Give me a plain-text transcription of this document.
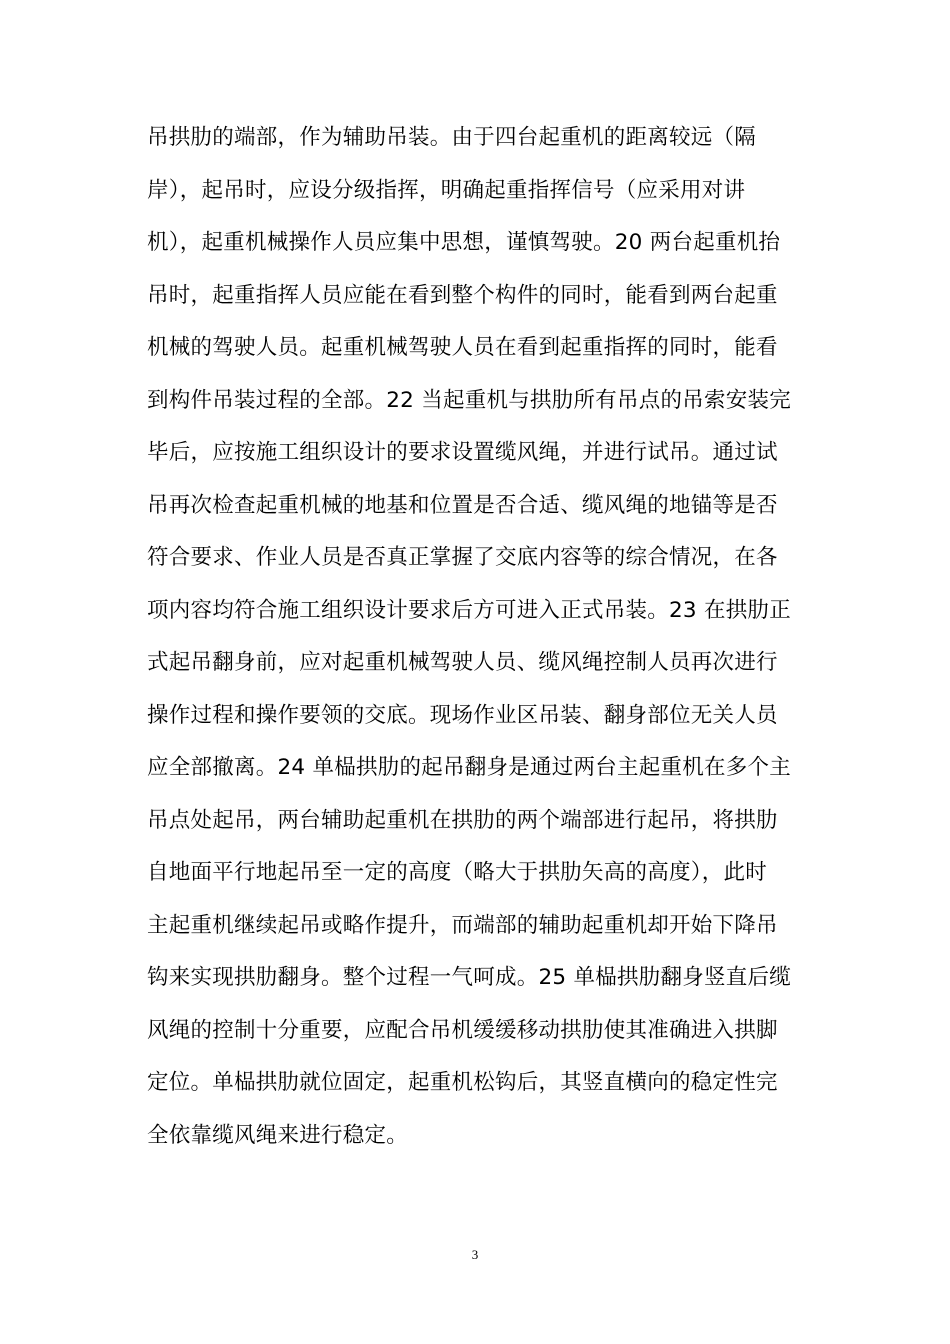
吊拱肋的端部，作为辅助吊装。由于四台起重机的距离较远（隔
岸），起吊时，应设分级指挥，明确起重指挥信号（应采用对讲
机），起重机械操作人员应集中思想，谨慎驾驶。20 两台起重机抬
吊时，起重指挥人员应能在看到整个构件的同时，能看到两台起重
机械的驾驶人员。起重机械驾驶人员在看到起重指挥的同时，能看
到构件吊装过程的全部。22 当起重机与拱肋所有吊点的吊索安装完
毕后，应按施工组织设计的要求设置缆风绳，并进行试吊。通过试
吊再次检查起重机械的地基和位置是否合适、缆风绳的地锚等是否
符合要求、作业人员是否真正掌握了交底内容等的综合情况，在各
项内容均符合施工组织设计要求后方可进入正式吊装。23 在拱肋正
式起吊翻身前，应对起重机械驾驶人员、缆风绳控制人员再次进行
操作过程和操作要领的交底。现场作业区吊装、翻身部位无关人员
应全部撤离。24 单榀拱肋的起吊翻身是通过两台主起重机在多个主
吊点处起吊，两台辅助起重机在拱肋的两个端部进行起吊，将拱肋
自地面平行地起吊至一定的高度（略大于拱肋矢高的高度），此时
主起重机继续起吊或略作提升，而端部的辅助起重机却开始下降吊
钩来实现拱肋翻身。整个过程一气呵成。25 单榀拱肋翻身竖直后缆
风绳的控制十分重要，应配合吊机缓缓移动拱肋使其准确进入拱脚
定位。单榀拱肋就位固定，起重机松钩后，其竖直横向的稳定性完
全依靠缆风绳来进行稳定。
3
